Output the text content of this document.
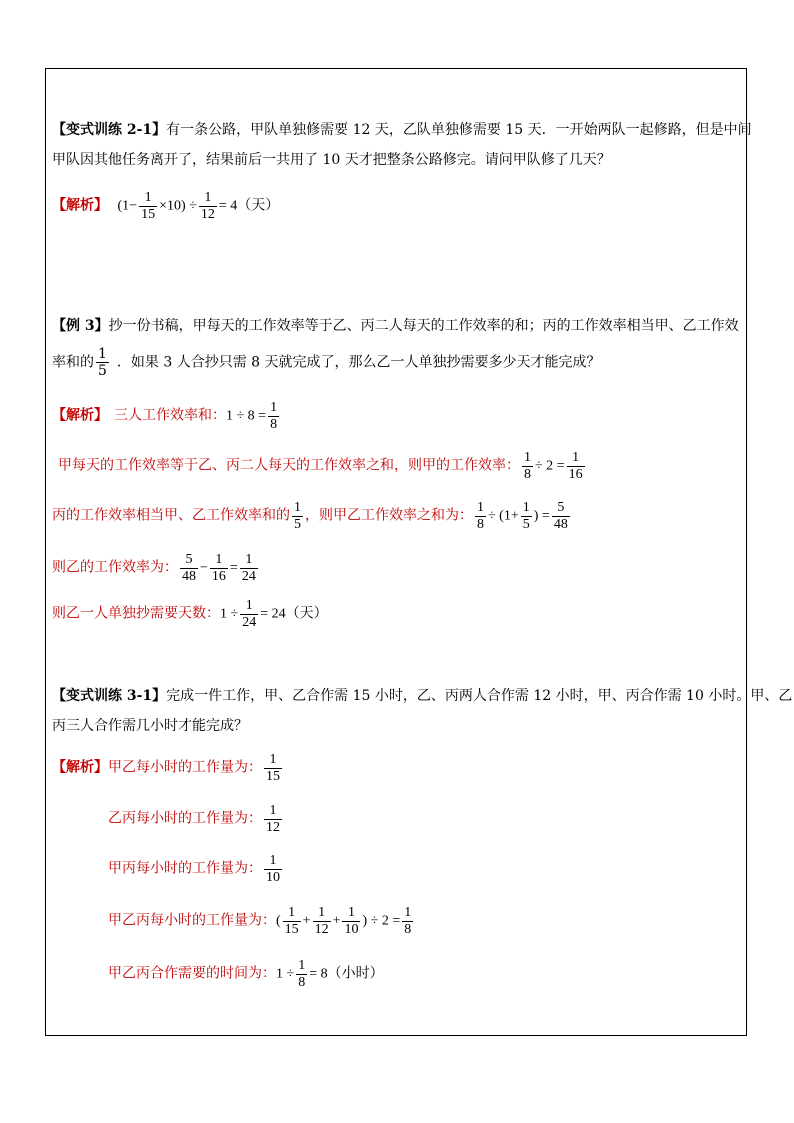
【变式训练 2-1】有一条公路，甲队单独修需要 12 天，乙队单独修需要 15 天．一开始两队一起修路，但是中间
甲队因其他任务离开了，结果前后一共用了 10 天才把整条公路修完。请问甲队修了几天？
【解析】 $(1- \frac{1}{15} \times 10) \div \frac{1}{12} = 4$（天）
【例 3】抄一份书稿，甲每天的工作效率等于乙、丙二人每天的工作效率的和；丙的工作效率相当甲、乙工作效
率和的 $\frac{1}{5}$ ．如果 3 人合抄只需 8 天就完成了，那么乙一人单独抄需要多少天才能完成？
【解析】 三人工作效率和：$1 \div 8 = \frac{1}{8}$
甲每天的工作效率等于乙、丙二人每天的工作效率之和，则甲的工作效率： $\frac{1}{8} \div 2 = \frac{1}{16}$
丙的工作效率相当甲、乙工作效率和的 $\frac{1}{5}$ ，则甲乙工作效率之和为： $\frac{1}{8} \div (1+ \frac{1}{5}$ ) = $\frac{5}{48}$
则乙的工作效率为： $\frac{5}{48} - \frac{1}{16} = \frac{1}{24}$
则乙一人单独抄需要天数：$1 \div \frac{1}{24} = 24$（天）
【变式训练 3-1】完成一件工作，甲、乙合作需 15 小时，乙、丙两人合作需 12 小时，甲、丙合作需 10 小时。甲、乙
丙三人合作需几小时才能完成？
【解析】甲乙每小时的工作量为： $\frac{1}{15}$
乙丙每小时的工作量为： $\frac{1}{12}$
甲丙每小时的工作量为： $\frac{1}{10}$
甲乙丙每小时的工作量为：( $\frac{1}{15} + \frac{1}{12} + \frac{1}{10}$ ) ÷ $2 = \frac{1}{8}$
甲乙丙合作需要的时间为：$1 \div \frac{1}{8} = 8$（小时）
